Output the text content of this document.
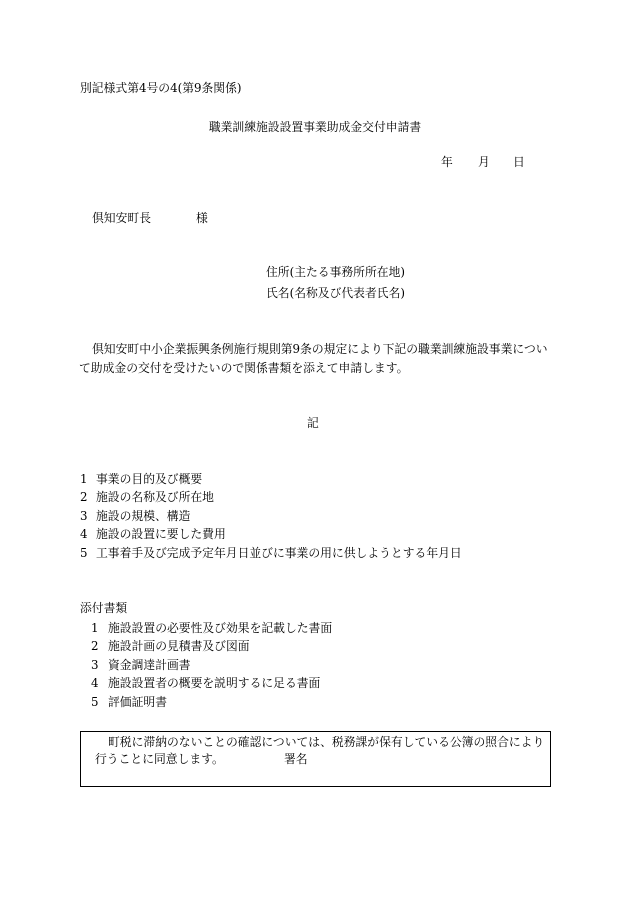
別記様式第4号の4(第9条関係)
職業訓練施設設置事業助成金交付申請書
年 月 日
倶知安町長	様
住所(主たる事務所所在地)
氏名(名称及び代表者氏名)
倶知安町中小企業振興条例施行規則第9条の規定により下記の職業訓練施設事業につい
て助成金の交付を受けたいので関係書類を添えて申請します。
記
1 事業の目的及び概要
2 施設の名称及び所在地
3 施設の規模、構造
4 施設の設置に要した費用
5 工事着手及び完成予定年月日並びに事業の用に供しようとする年月日
添付書類
1 施設設置の必要性及び効果を記載した書面
2 施設計画の見積書及び図面
3 資金調達計画書
4 施設設置者の概要を説明するに足る書面
5 評価証明書
町税に滞納のないことの確認については、税務課が保有している公簿の照合により
行うことに同意します。	署名
